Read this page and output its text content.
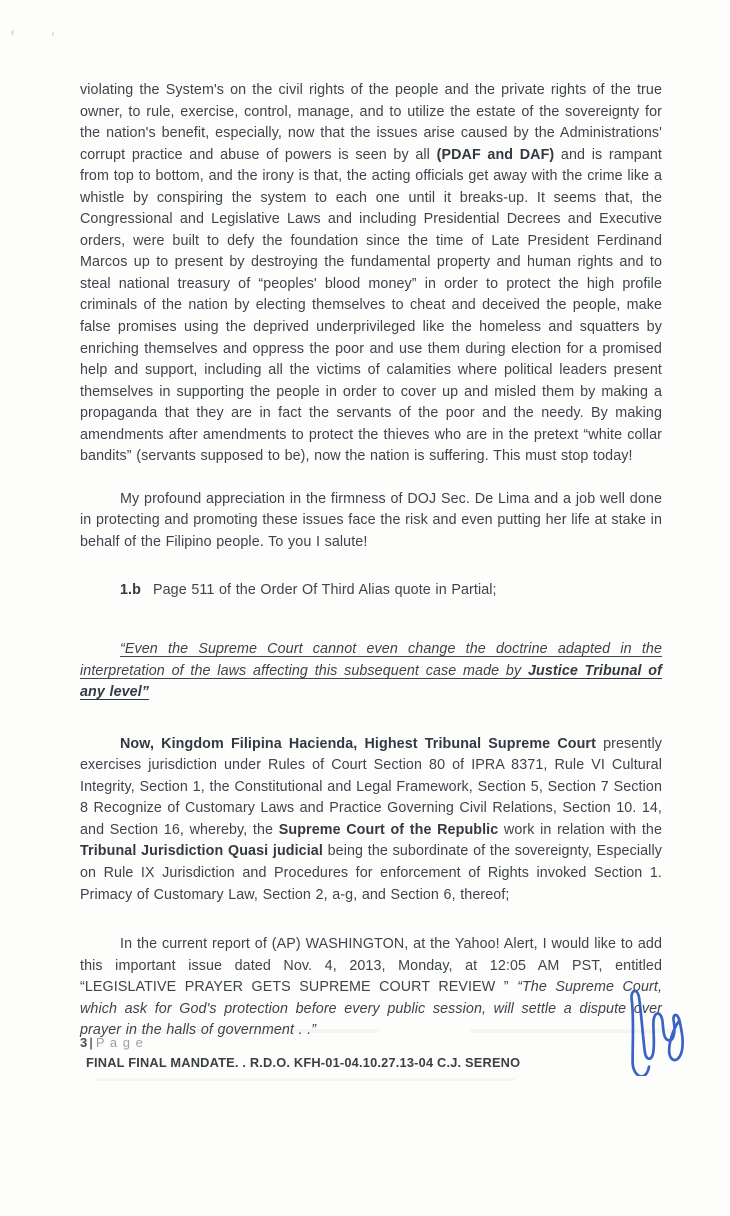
violating the System's on the civil rights of the people and the private rights of the true owner, to rule, exercise, control, manage, and to utilize the estate of the sovereignty for the nation's benefit, especially, now that the issues arise caused by the Administrations' corrupt practice and abuse of powers is seen by all (PDAF and DAF) and is rampant from top to bottom, and the irony is that, the acting officials get away with the crime like a whistle by conspiring the system to each one until it breaks-up. It seems that, the Congressional and Legislative Laws and including Presidential Decrees and Executive orders, were built to defy the foundation since the time of Late President Ferdinand Marcos up to present by destroying the fundamental property and human rights and to steal national treasury of “peoples' blood money” in order to protect the high profile criminals of the nation by electing themselves to cheat and deceived the people, make false promises using the deprived underprivileged like the homeless and squatters by enriching themselves and oppress the poor and use them during election for a promised help and support, including all the victims of calamities where political leaders present themselves in supporting the people in order to cover up and misled them by making a propaganda that they are in fact the servants of the poor and the needy. By making amendments after amendments to protect the thieves who are in the pretext “white collar bandits” (servants supposed to be), now the nation is suffering. This must stop today!

My profound appreciation in the firmness of DOJ Sec. De Lima and a job well done in protecting and promoting these issues face the risk and even putting her life at stake in behalf of the Filipino people. To you I salute!

1.b Page 511 of the Order Of Third Alias quote in Partial;

“Even the Supreme Court cannot even change the doctrine adapted in the interpretation of the laws affecting this subsequent case made by Justice Tribunal of any level”

Now, Kingdom Filipina Hacienda, Highest Tribunal Supreme Court presently exercises jurisdiction under Rules of Court Section 80 of IPRA 8371, Rule VI Cultural Integrity, Section 1, the Constitutional and Legal Framework, Section 5, Section 7 Section 8 Recognize of Customary Laws and Practice Governing Civil Relations, Section 10. 14, and Section 16, whereby, the Supreme Court of the Republic work in relation with the Tribunal Jurisdiction Quasi judicial being the subordinate of the sovereignty, Especially on Rule IX Jurisdiction and Procedures for enforcement of Rights invoked Section 1. Primacy of Customary Law, Section 2, a-g, and Section 6, thereof;

In the current report of (AP) WASHINGTON, at the Yahoo! Alert, I would like to add this important issue dated Nov. 4, 2013, Monday, at 12:05 AM PST, entitled “LEGISLATIVE PRAYER GETS SUPREME COURT REVIEW ” “The Supreme Court, which ask for God's protection before every public session, will settle a dispute over prayer in the halls of government . .”

3 | P a g e
FINAL FINAL MANDATE. . R.D.O. KFH-01-04.10.27.13-04 C.J. SERENO
